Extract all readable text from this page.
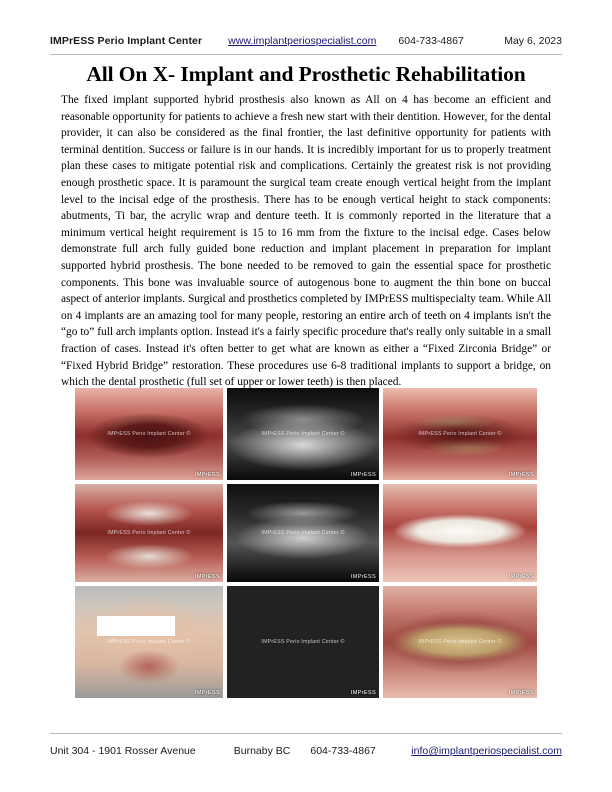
IMPrESS Perio Implant Center www.implantperiospecialist.com 604-733-4867	May 6, 2023
All On X- Implant and Prosthetic Rehabilitation
The fixed implant supported hybrid prosthesis also known as All on 4 has become an efficient and reasonable opportunity for patients to achieve a fresh new start with their dentition. However, for the dental provider, it can also be considered as the final frontier, the last definitive opportunity for patients with terminal dentition. Success or failure is in our hands. It is incredibly important for us to properly treatment plan these cases to mitigate potential risk and complications. Certainly the greatest risk is not providing enough prosthetic space. It is paramount the surgical team create enough vertical height from the implant level to the incisal edge of the prosthesis. There has to be enough vertical height to stack components: abutments, Ti bar, the acrylic wrap and denture teeth. It is commonly reported in the literature that a minimum vertical height requirement is 15 to 16 mm from the fixture to the incisal edge. Cases below demonstrate full arch fully guided bone reduction and implant placement in preparation for implant supported hybrid prosthesis. The bone needed to be removed to gain the essential space for prosthetic components. This bone was invaluable source of autogenous bone to augment the thin bone on buccal aspect of anterior implants. Surgical and prosthetics completed by IMPrESS multispecialty team. While All on 4 implants are an amazing tool for many people, restoring an entire arch of teeth on 4 implants isn't the “go to” full arch implants option. Instead it's a fairly specific procedure that's really only suitable in a small fraction of cases. Instead it's often better to get what are known as either a “Fixed Zirconia Bridge” or “Fixed Hybrid Bridge” restoration. These procedures use 6-8 traditional implants to support a bridge, on which the dental prosthetic (full set of upper or lower teeth) is then placed.
IMPrESS Perio Implant Center ©
IMPrESS
IMPrESS Perio Implant Center ©
IMPrESS
IMPrESS Perio Implant Center ©
IMPrESS
IMPrESS Perio Implant Center ©
IMPrESS
IMPrESS Perio Implant Center ©
IMPrESS
IMPrESS Perio Implant Center ©
IMPrESS
IMPrESS Perio Implant Center ©
IMPrESS
IMPrESS Perio Implant Center ©
IMPrESS
IMPrESS Perio Implant Center ©
IMPrESS
Unit 304 - 1901 Rosser Avenue	Burnaby BC 604-733-4867	info@implantperiospecialist.com
